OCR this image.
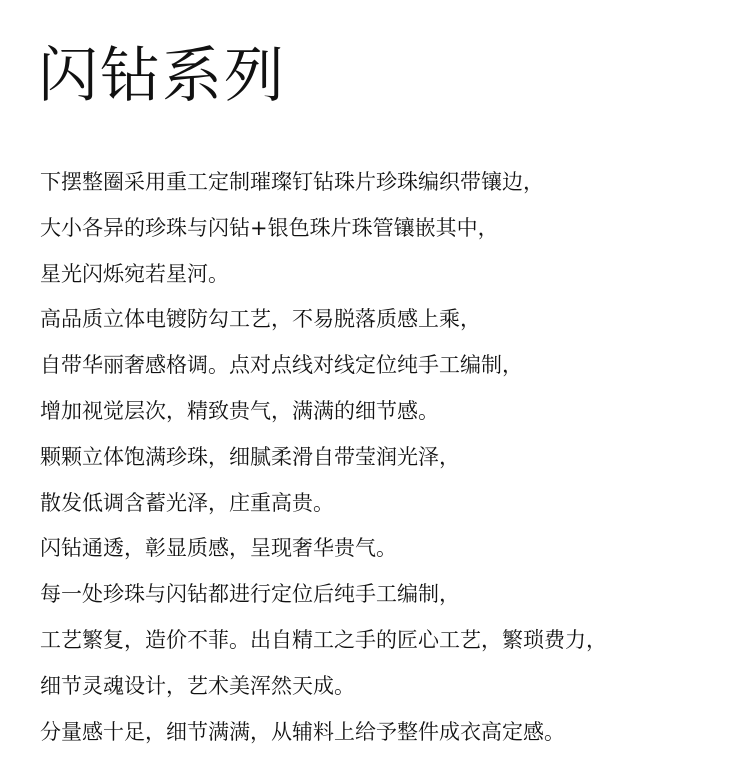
闪钻系列
下摆整圈采用重工定制璀璨钉钻珠片珍珠编织带镶边，
大小各异的珍珠与闪钻+银色珠片珠管镶嵌其中，
星光闪烁宛若星河。
高品质立体电镀防勾工艺，不易脱落质感上乘，
自带华丽奢感格调。点对点线对线定位纯手工编制，
增加视觉层次，精致贵气，满满的细节感。
颗颗立体饱满珍珠，细腻柔滑自带莹润光泽，
散发低调含蓄光泽，庄重高贵。
闪钻通透，彰显质感，呈现奢华贵气。
每一处珍珠与闪钻都进行定位后纯手工编制，
工艺繁复，造价不菲。出自精工之手的匠心工艺，繁琐费力，
细节灵魂设计，艺术美浑然天成。
分量感十足，细节满满，从辅料上给予整件成衣高定感。
